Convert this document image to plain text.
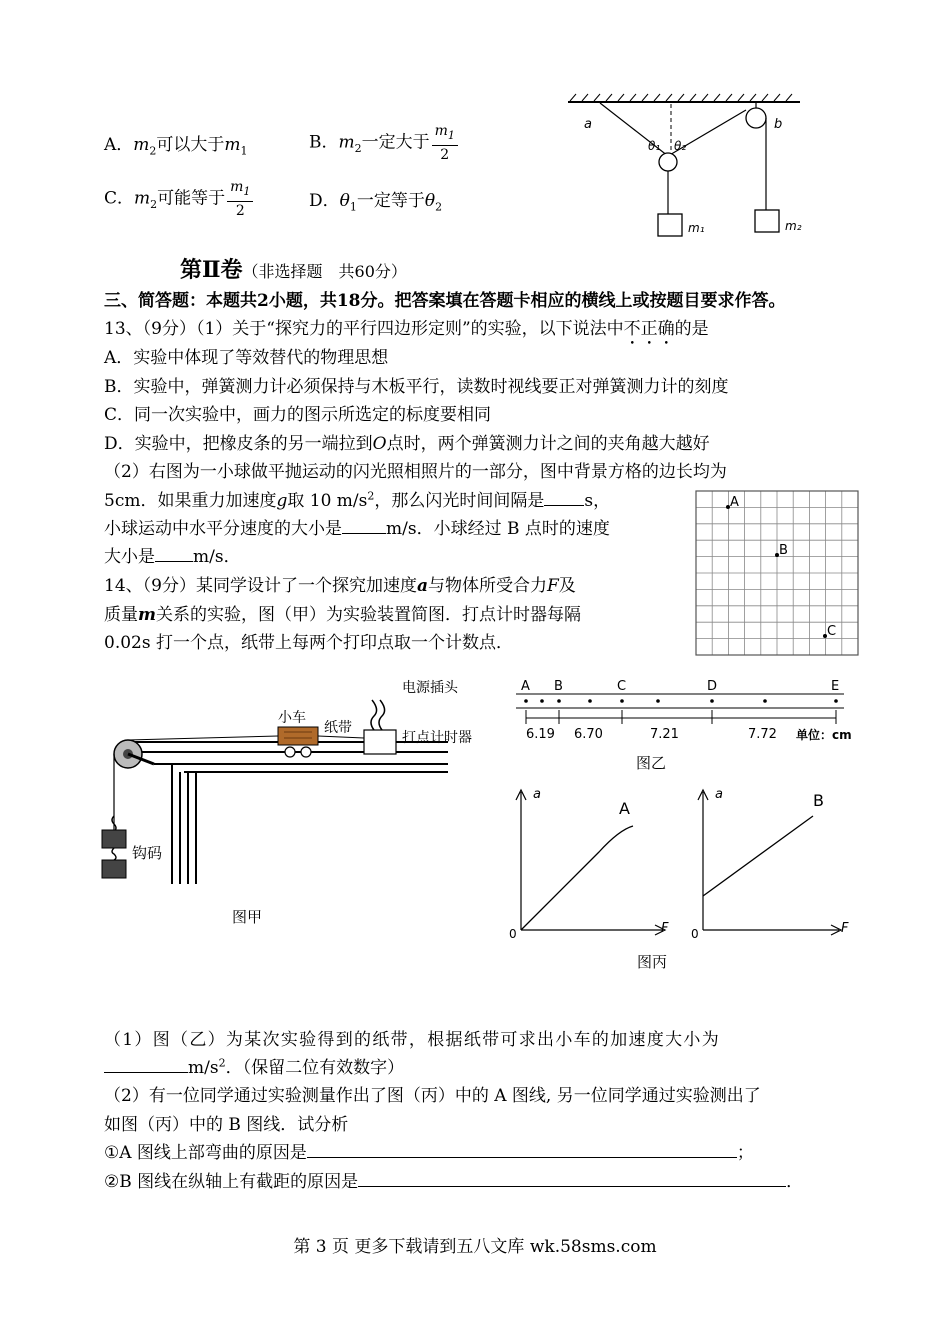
A．$m_2$可以大于$m_1$	B．$m_2$一定大于 $\frac{m_1}{2}$
C．$m_2$可能等于 $\frac{m_1}{2}$	D．$\theta_1$一定等于$\theta_2$
a	b
θ₁ θ₂
m₁	m₂
第Ⅱ卷（非选择题　共60分）
三、简答题：本题共2小题，共18分。把答案填在答题卡相应的横线上或按题目要求作答。
13、（9分）（1）关于“探究力的平行四边形定则”的实验，以下说法中不正确的是
A．实验中体现了等效替代的物理思想
B．实验中，弹簧测力计必须保持与木板平行，读数时视线要正对弹簧测力计的刻度
C．同一次实验中，画力的图示所选定的标度要相同
D．实验中，把橡皮条的另一端拉到O点时，两个弹簧测力计之间的夹角越大越好
（2）右图为一小球做平抛运动的闪光照相照片的一部分，图中背景方格的边长均为
5cm．如果重力加速度g取 10 $m/s^2$，那么闪光时间间隔是 s，
小球运动中水平分速度的大小是	m/s．小球经过 B 点时的速度
大小是 m/s．
A
B
C
14、（9分）某同学设计了一个探究加速度a与物体所受合力F及
质量m关系的实验，图（甲）为实验装置简图．打点计时器每隔
0.02s 打一个点，纸带上每两个打印点取一个计数点．
钩码
小车
纸带
电源插头
打点计时器
图甲
A B	C	D	E
6.19 6.70	7.21	7.72 单位：cm
图乙
a
F
0
A
a
F
0
B
图丙
（1）图（乙）为某次实验得到的纸带，根据纸带可求出小车的加速度大小为
$m/s^2$．（保留二位有效数字）
（2）有一位同学通过实验测量作出了图（丙）中的 A 图线, 另一位同学通过实验测出了
如图（丙）中的 B 图线．试分析
①A 图线上部弯曲的原因是	；
②B 图线在纵轴上有截距的原因是	．
第 3 页 更多下载请到五八文库 wk.58sms.com
